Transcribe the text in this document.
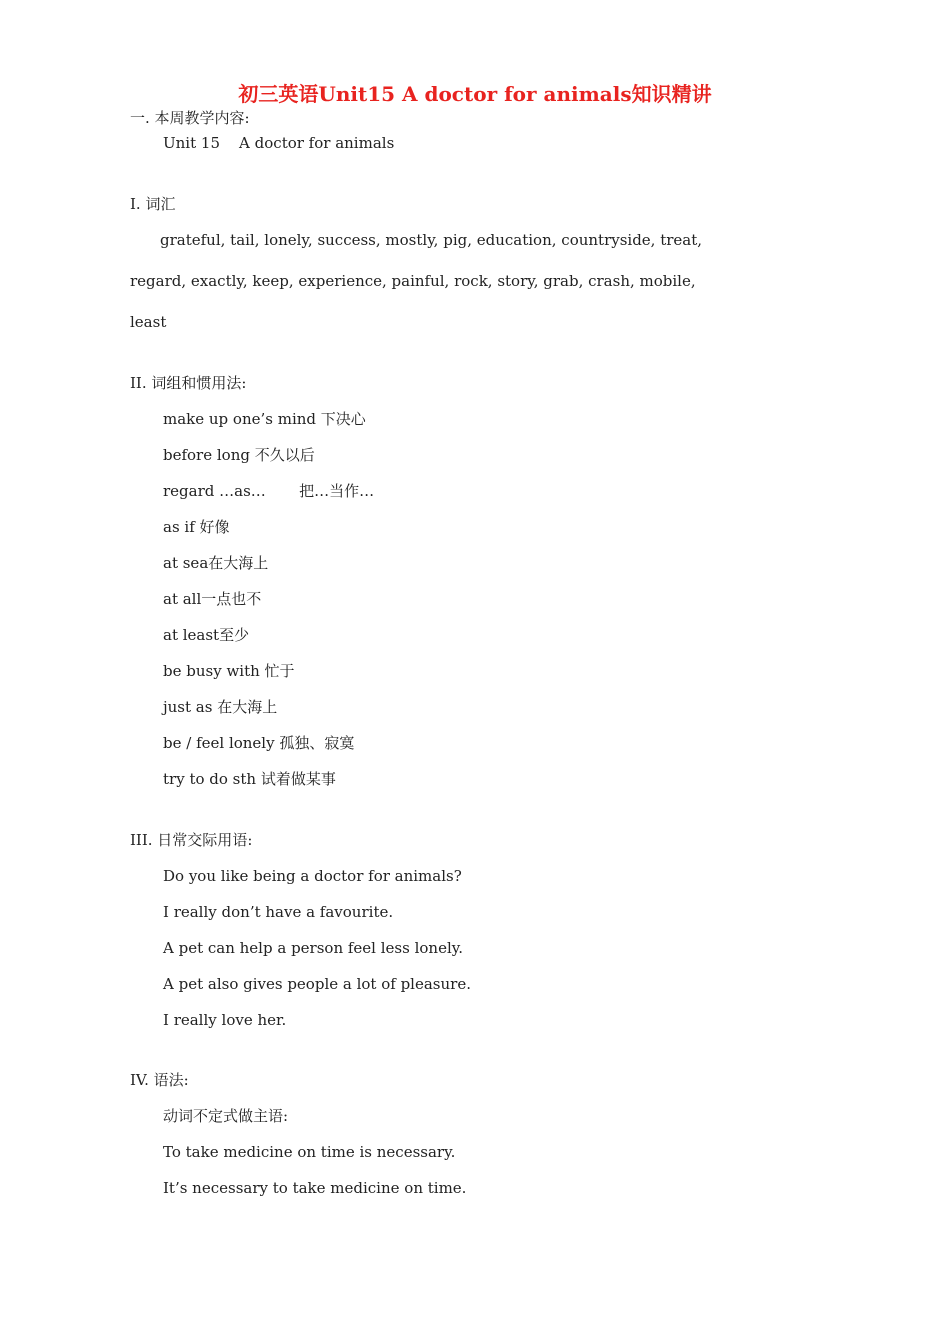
初三英语Unit15 A doctor for animals知识精讲
一. 本周教学内容:
Unit 15    A doctor for animals
I. 词汇
grateful, tail, lonely, success, mostly, pig, education, countryside, treat,
regard, exactly, keep, experience, painful, rock, story, grab, crash, mobile,
least
II. 词组和惯用法:
make up one’s mind 下决心
before long 不久以后
regard …as…       把…当作…
as if 好像
at sea在大海上
at all一点也不
at least至少
be busy with 忙于
just as 在大海上
be / feel lonely 孤独、寂寞
try to do sth 试着做某事
III. 日常交际用语:
Do you like being a doctor for animals?
I really don’t have a favourite.
A pet can help a person feel less lonely.
A pet also gives people a lot of pleasure.
I really love her.
IV. 语法:
动词不定式做主语:
To take medicine on time is necessary.
It’s necessary to take medicine on time.
